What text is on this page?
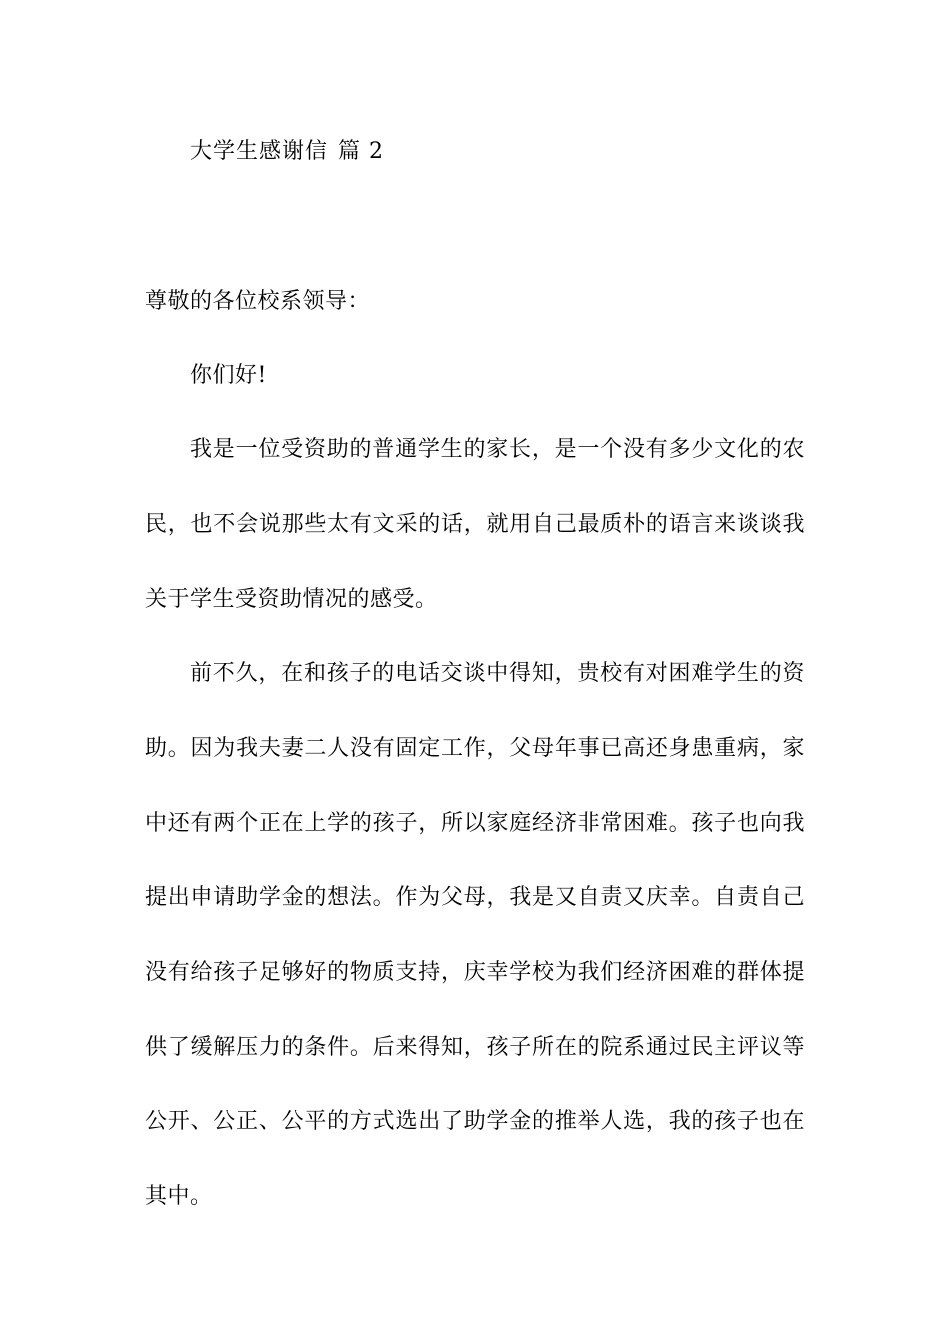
大学生感谢信 篇 2
尊敬的各位校系领导：
你们好!
我是一位受资助的普通学生的家长，是一个没有多少文化的农
民，也不会说那些太有文采的话，就用自己最质朴的语言来谈谈我
关于学生受资助情况的感受。
前不久，在和孩子的电话交谈中得知，贵校有对困难学生的资
助。因为我夫妻二人没有固定工作，父母年事已高还身患重病，家
中还有两个正在上学的孩子，所以家庭经济非常困难。孩子也向我
提出申请助学金的想法。作为父母，我是又自责又庆幸。自责自己
没有给孩子足够好的物质支持，庆幸学校为我们经济困难的群体提
供了缓解压力的条件。后来得知，孩子所在的院系通过民主评议等
公开、公正、公平的方式选出了助学金的推举人选，我的孩子也在
其中。
